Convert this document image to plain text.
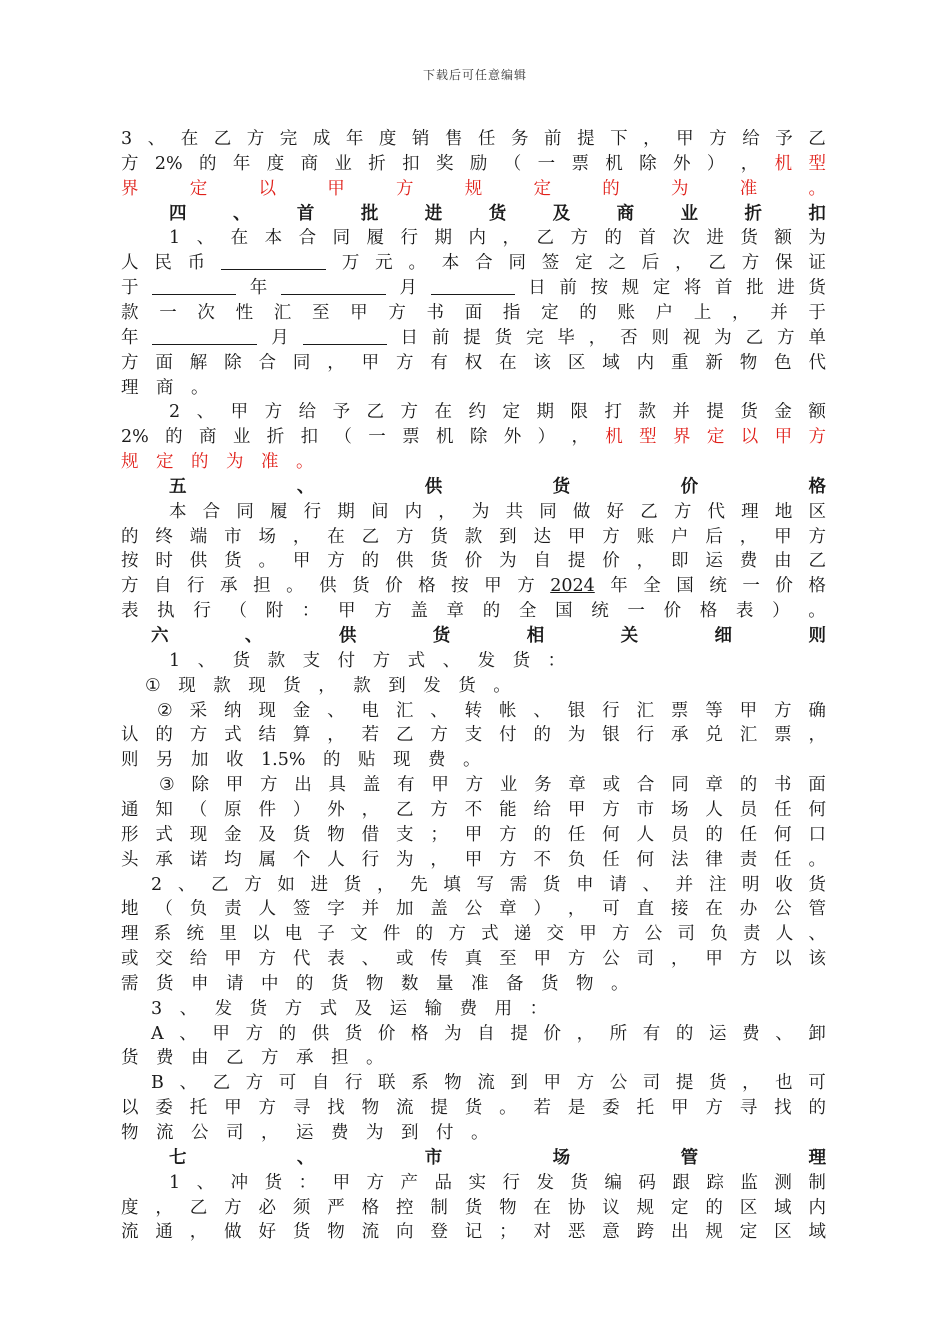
下载后可任意编辑
3 、 在 乙 方 完 成 年 度 销 售 任 务 前 提 下 ， 甲 方 给 予 乙
方 2% 的 年 度 商 业 折 扣 奖 励 （ 一 票 机 除 外 ） ， 机 型
界	定	以	甲	方	规	定	的	为	准	。
四	、	首	批	进	货	及	商	业	折	扣
1 、 在 本 合 同 履 行 期 内 ， 乙 方 的 首 次 进 货 额 为
人 民 币	万 元 。 本 合 同 签 定 之 后 ， 乙 方 保 证
于	年	月	日 前 按 规 定 将 首 批 进 货
款 一 次 性 汇 至 甲 方 书 面 指 定 的 账 户 上 ， 并 于
年	月	日 前 提 货 完 毕 ， 否 则 视 为 乙 方 单
方 面 解 除 合 同 ， 甲 方 有 权 在 该 区 域 内 重 新 物 色 代
理 商 。
2 、 甲 方 给 予 乙 方 在 约 定 期 限 打 款 并 提 货 金 额
2% 的 商 业 折 扣 （ 一 票 机 除 外 ） ， 机 型 界 定 以 甲 方
规 定 的 为 准 。
五	、	供	货	价	格
本 合 同 履 行 期 间 内 ， 为 共 同 做 好 乙 方 代 理 地 区
的 终 端 市 场 ， 在 乙 方 货 款 到 达 甲 方 账 户 后 ， 甲 方
按 时 供 货 。 甲 方 的 供 货 价 为 自 提 价 ， 即 运 费 由 乙
方 自 行 承 担 。 供 货 价 格 按 甲 方 2024 年 全 国 统 一 价 格
表 执 行 （ 附 ： 甲 方 盖 章 的 全 国 统 一 价 格 表 ） 。
六	、	供	货	相	关	细	则
1 、 货 款 支 付 方 式 、 发 货 ：
① 现 款 现 货 ， 款 到 发 货 。
② 采 纳 现 金 、 电 汇 、 转 帐 、 银 行 汇 票 等 甲 方 确
认 的 方 式 结 算 ， 若 乙 方 支 付 的 为 银 行 承 兑 汇 票 ，
则 另 加 收 1.5% 的 贴 现 费 。
③ 除 甲 方 出 具 盖 有 甲 方 业 务 章 或 合 同 章 的 书 面
通 知 （ 原 件 ） 外 ， 乙 方 不 能 给 甲 方 市 场 人 员 任 何
形 式 现 金 及 货 物 借 支 ； 甲 方 的 任 何 人 员 的 任 何 口
头 承 诺 均 属 个 人 行 为 ， 甲 方 不 负 任 何 法 律 责 任 。
2 、 乙 方 如 进 货 ， 先 填 写 需 货 申 请 、 并 注 明 收 货
地 （ 负 责 人 签 字 并 加 盖 公 章 ） ， 可 直 接 在 办 公 管
理 系 统 里 以 电 子 文 件 的 方 式 递 交 甲 方 公 司 负 责 人 、
或 交 给 甲 方 代 表 、 或 传 真 至 甲 方 公 司 ， 甲 方 以 该
需 货 申 请 中 的 货 物 数 量 准 备 货 物 。
3 、 发 货 方 式 及 运 输 费 用 ：
A 、 甲 方 的 供 货 价 格 为 自 提 价 ， 所 有 的 运 费 、 卸
货 费 由 乙 方 承 担 。
B 、 乙 方 可 自 行 联 系 物 流 到 甲 方 公 司 提 货 ， 也 可
以 委 托 甲 方 寻 找 物 流 提 货 。 若 是 委 托 甲 方 寻 找 的
物 流 公 司 ， 运 费 为 到 付 。
七	、	市	场	管	理
1 、 冲 货 ： 甲 方 产 品 实 行 发 货 编 码 跟 踪 监 测 制
度 ， 乙 方 必 须 严 格 控 制 货 物 在 协 议 规 定 的 区 域 内
流 通 ， 做 好 货 物 流 向 登 记 ； 对 恶 意 跨 出 规 定 区 域
